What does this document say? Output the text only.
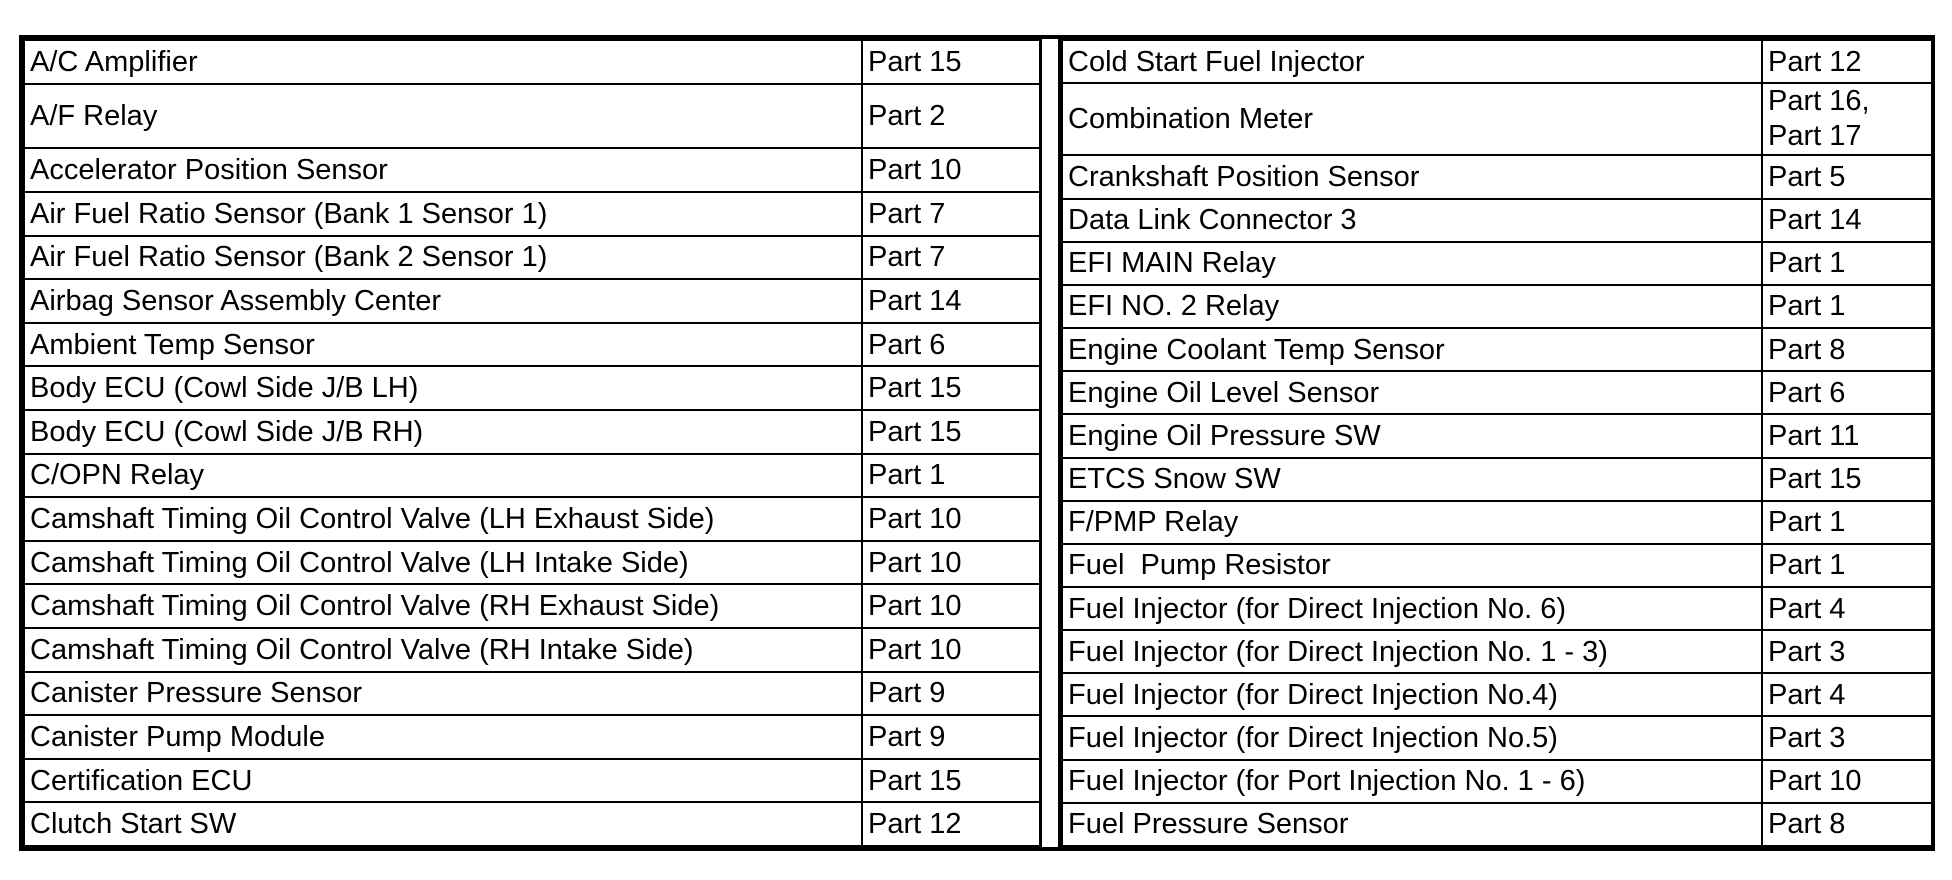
A/C Amplifier	Part 15
A/F Relay	Part 2
Accelerator Position Sensor	Part 10
Air Fuel Ratio Sensor (Bank 1 Sensor 1)	Part 7
Air Fuel Ratio Sensor (Bank 2 Sensor 1)	Part 7
Airbag Sensor Assembly Center	Part 14
Ambient Temp Sensor	Part 6
Body ECU (Cowl Side J/B LH)	Part 15
Body ECU (Cowl Side J/B RH)	Part 15
C/OPN Relay	Part 1
Camshaft Timing Oil Control Valve (LH Exhaust Side)	Part 10
Camshaft Timing Oil Control Valve (LH Intake Side)	Part 10
Camshaft Timing Oil Control Valve (RH Exhaust Side)	Part 10
Camshaft Timing Oil Control Valve (RH Intake Side)	Part 10
Canister Pressure Sensor	Part 9
Canister Pump Module	Part 9
Certification ECU	Part 15
Clutch Start SW	Part 12
Cold Start Fuel Injector	Part 12
Combination Meter	Part 16, Part 17
Crankshaft Position Sensor	Part 5
Data Link Connector 3	Part 14
EFI MAIN Relay	Part 1
EFI NO. 2 Relay	Part 1
Engine Coolant Temp Sensor	Part 8
Engine Oil Level Sensor	Part 6
Engine Oil Pressure SW	Part 11
ETCS Snow SW	Part 15
F/PMP Relay	Part 1
Fuel  Pump Resistor	Part 1
Fuel Injector (for Direct Injection No. 6)	Part 4
Fuel Injector (for Direct Injection No. 1 - 3)	Part 3
Fuel Injector (for Direct Injection No.4)	Part 4
Fuel Injector (for Direct Injection No.5)	Part 3
Fuel Injector (for Port Injection No. 1 - 6)	Part 10
Fuel Pressure Sensor	Part 8
